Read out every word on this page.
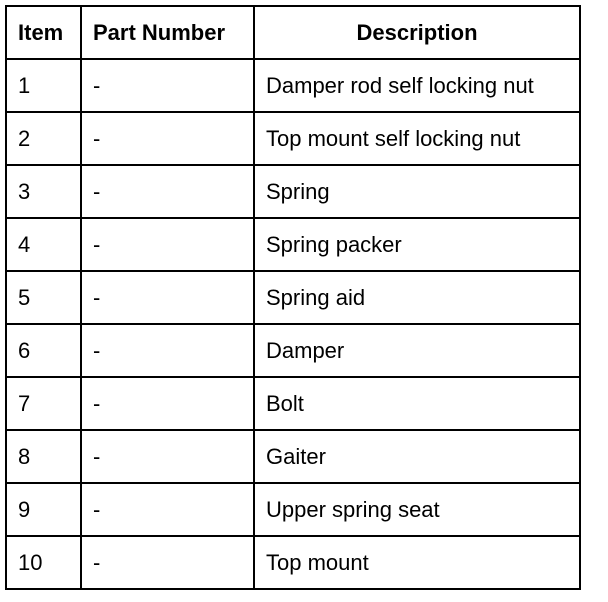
Item	Part Number	Description
1	-	Damper rod self locking nut
2	-	Top mount self locking nut
3	-	Spring
4	-	Spring packer
5	-	Spring aid
6	-	Damper
7	-	Bolt
8	-	Gaiter
9	-	Upper spring seat
10	-	Top mount
